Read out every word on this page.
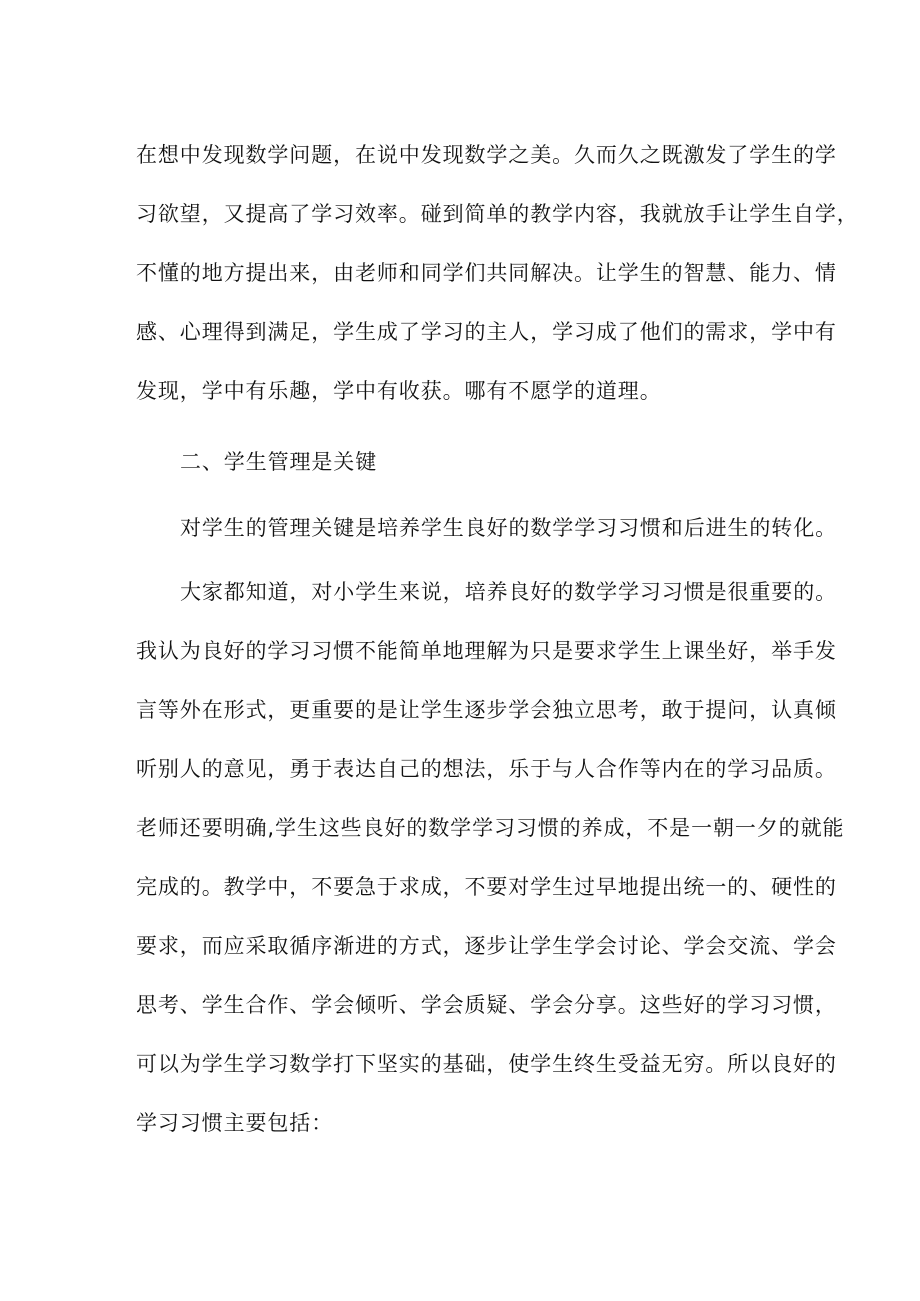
在想中发现数学问题，在说中发现数学之美。久而久之既激发了学生的学
习欲望，又提高了学习效率。碰到简单的教学内容，我就放手让学生自学，
不懂的地方提出来，由老师和同学们共同解决。让学生的智慧、能力、情
感、心理得到满足，学生成了学习的主人，学习成了他们的需求，学中有
发现，学中有乐趣，学中有收获。哪有不愿学的道理。
二、学生管理是关键
对学生的管理关键是培养学生良好的数学学习习惯和后进生的转化。
大家都知道，对小学生来说，培养良好的数学学习习惯是很重要的。
我认为良好的学习习惯不能简单地理解为只是要求学生上课坐好，举手发
言等外在形式，更重要的是让学生逐步学会独立思考，敢于提问，认真倾
听别人的意见，勇于表达自己的想法，乐于与人合作等内在的学习品质。
老师还要明确,学生这些良好的数学学习习惯的养成，不是一朝一夕的就能
完成的。教学中，不要急于求成，不要对学生过早地提出统一的、硬性的
要求，而应采取循序渐进的方式，逐步让学生学会讨论、学会交流、学会
思考、学生合作、学会倾听、学会质疑、学会分享。这些好的学习习惯，
可以为学生学习数学打下坚实的基础，使学生终生受益无穷。所以良好的
学习习惯主要包括：
